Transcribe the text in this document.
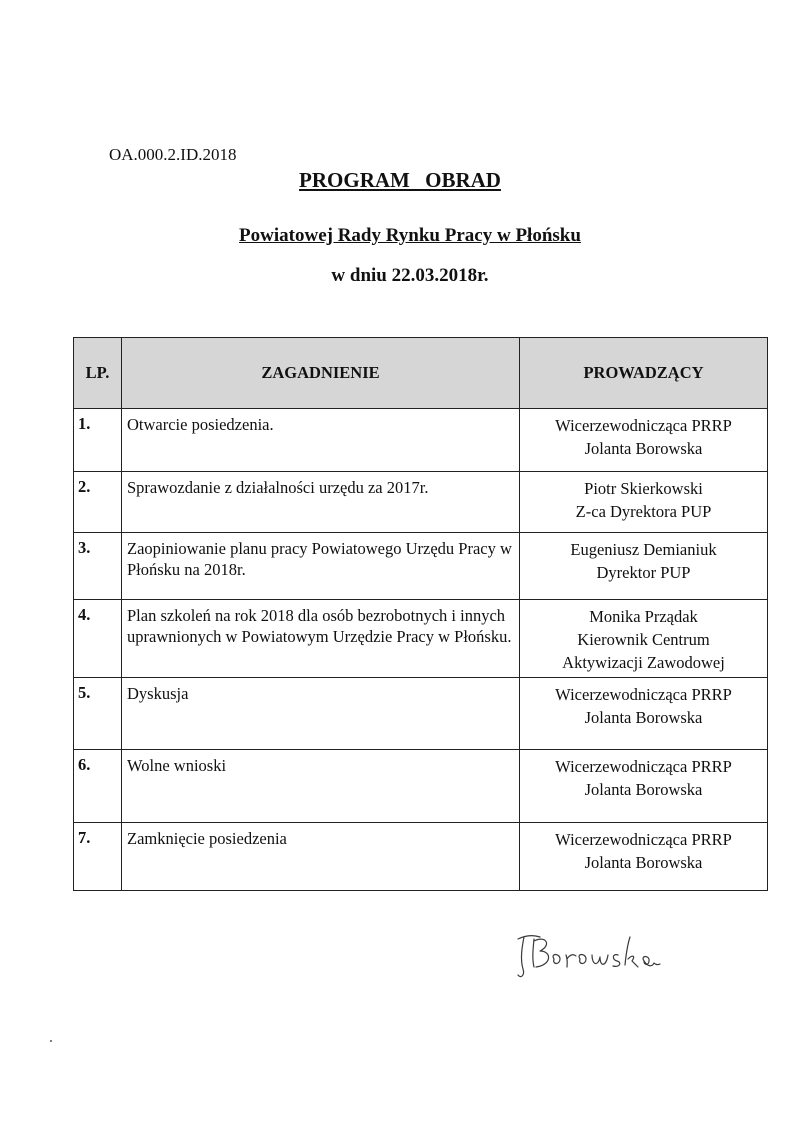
OA.000.2.ID.2018
PROGRAM OBRAD
Powiatowej Rady Rynku Pracy w Płońsku
w dniu 22.03.2018r.
LP.	ZAGADNIENIE	PROWADZĄCY
1.	Otwarcie posiedzenia.	Wicerzewodnicząca PRRP
Jolanta Borowska

2.	Sprawozdanie z działalności urzędu za 2017r.	Piotr Skierkowski
Z-ca Dyrektora PUP

3.	Zaopiniowanie planu pracy Powiatowego Urzędu Pracy w Płońsku na 2018r.	Eugeniusz Demianiuk
Dyrektor PUP

4.	Plan szkoleń na rok 2018 dla osób bezrobotnych i innych uprawnionych w Powiatowym Urzędzie Pracy w Płońsku.	Monika Prządak
Kierownik Centrum
Aktywizacji Zawodowej

5.	Dyskusja	Wicerzewodnicząca PRRP
Jolanta Borowska

6.	Wolne wnioski	Wicerzewodnicząca PRRP
Jolanta Borowska

7.	Zamknięcie posiedzenia	Wicerzewodnicząca PRRP
Jolanta Borowska
